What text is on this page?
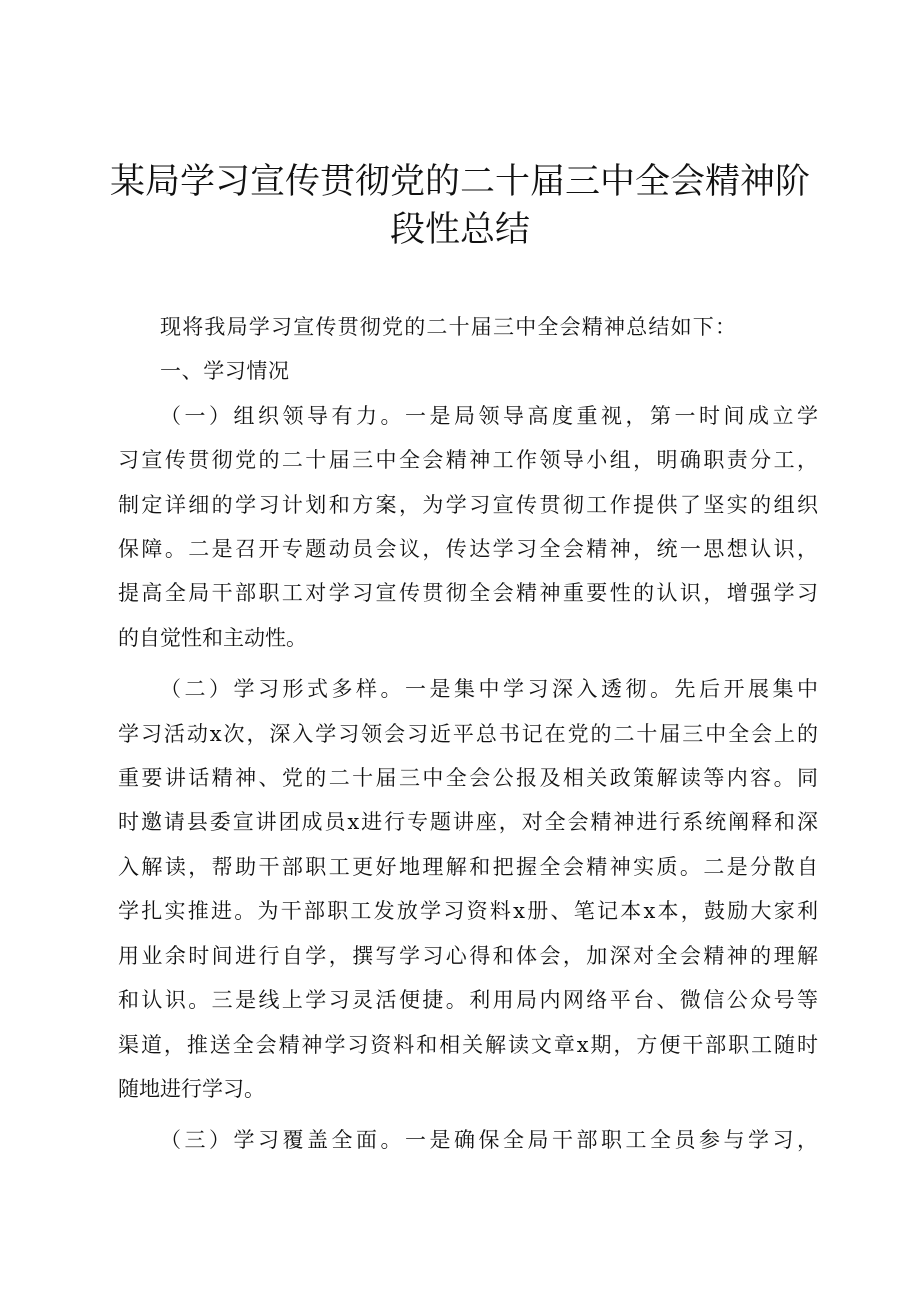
某局学习宣传贯彻党的二十届三中全会精神阶
段性总结

现将我局学习宣传贯彻党的二十届三中全会精神总结如下：

一、学习情况

（一）组织领导有力。一是局领导高度重视，第一时间成立学
习宣传贯彻党的二十届三中全会精神工作领导小组，明确职责分工，
制定详细的学习计划和方案，为学习宣传贯彻工作提供了坚实的组织
保障。二是召开专题动员会议，传达学习全会精神，统一思想认识，
提高全局干部职工对学习宣传贯彻全会精神重要性的认识，增强学习
的自觉性和主动性。
（二）学习形式多样。一是集中学习深入透彻。先后开展集中
学习活动x次，深入学习领会习近平总书记在党的二十届三中全会上的
重要讲话精神、党的二十届三中全会公报及相关政策解读等内容。同
时邀请县委宣讲团成员x进行专题讲座，对全会精神进行系统阐释和深
入解读，帮助干部职工更好地理解和把握全会精神实质。二是分散自
学扎实推进。为干部职工发放学习资料x册、笔记本x本，鼓励大家利
用业余时间进行自学，撰写学习心得和体会，加深对全会精神的理解
和认识。三是线上学习灵活便捷。利用局内网络平台、微信公众号等
渠道，推送全会精神学习资料和相关解读文章x期，方便干部职工随时
随地进行学习。
（三）学习覆盖全面。一是确保全局干部职工全员参与学习，
